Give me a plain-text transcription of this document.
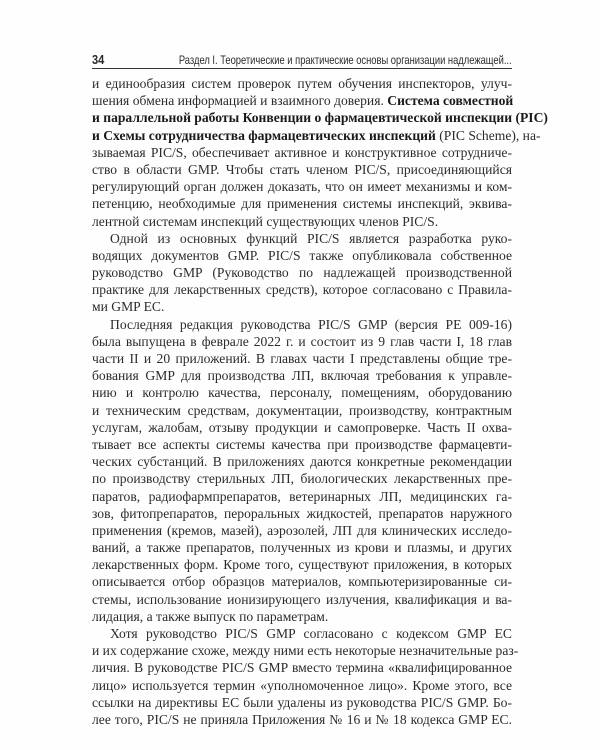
34	Раздел I. Теоретические и практические основы организации надлежащей...
и единообразия систем проверок путем обучения инспекторов, улуч-
шения обмена информацией и взаимного доверия. Система совместной
и параллельной работы Конвенции о фармацевтической инспекции (PIC)
и Схемы сотрудничества фармацевтических инспекций (PIC Scheme), на-
зываемая PIC/S, обеспечивает активное и конструктивное сотрудниче-
ство в области GMP. Чтобы стать членом PIC/S, присоединяющийся
регулирующий орган должен доказать, что он имеет механизмы и ком-
петенцию, необходимые для применения системы инспекций, эквива-
лентной системам инспекций существующих членов PIC/S.
Одной из основных функций PIC/S является разработка руко-
водящих документов GMP. PIC/S также опубликовала собственное
руководство GMP (Руководство по надлежащей производственной
практике для лекарственных средств), которое согласовано с Правила-
ми GMP ЕС.
Последняя редакция руководства PIC/S GMP (версия PE 009-16)
была выпущена в феврале 2022 г. и состоит из 9 глав части I, 18 глав
части II и 20 приложений. В главах части I представлены общие тре-
бования GMP для производства ЛП, включая требования к управле-
нию и контролю качества, персоналу, помещениям, оборудованию
и техническим средствам, документации, производству, контрактным
услугам, жалобам, отзыву продукции и самопроверке. Часть II охва-
тывает все аспекты системы качества при производстве фармацевти-
ческих субстанций. В приложениях даются конкретные рекомендации
по производству стерильных ЛП, биологических лекарственных пре-
паратов, радиофармпрепаратов, ветеринарных ЛП, медицинских га-
зов, фитопрепаратов, пероральных жидкостей, препаратов наружного
применения (кремов, мазей), аэрозолей, ЛП для клинических исследо-
ваний, а также препаратов, полученных из крови и плазмы, и других
лекарственных форм. Кроме того, существуют приложения, в которых
описывается отбор образцов материалов, компьютеризированные си-
стемы, использование ионизирующего излучения, квалификация и ва-
лидация, а также выпуск по параметрам.
Хотя руководство PIC/S GMP согласовано с кодексом GMP ЕС
и их содержание схоже, между ними есть некоторые незначительные раз-
личия. В руководстве PIC/S GMP вместо термина «квалифицированное
лицо» используется термин «уполномоченное лицо». Кроме этого, все
ссылки на директивы ЕС были удалены из руководства PIC/S GMP. Бо-
лее того, PIC/S не приняла Приложения № 16 и № 18 кодекса GMP ЕС.
